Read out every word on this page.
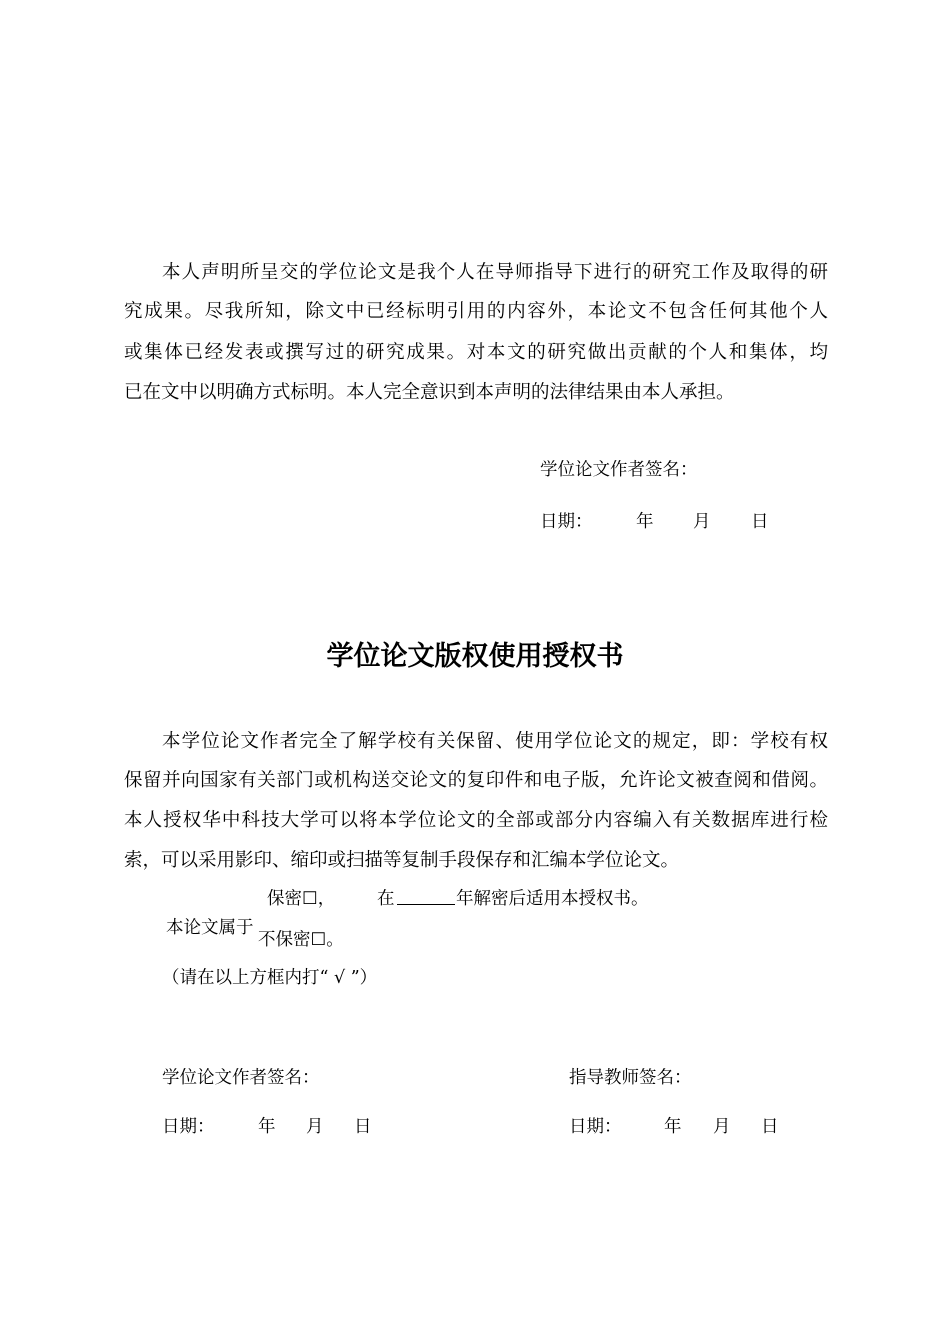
本人声明所呈交的学位论文是我个人在导师指导下进行的研究工作及取得的研
究成果。尽我所知，除文中已经标明引用的内容外，本论文不包含任何其他个人
或集体已经发表或撰写过的研究成果。对本文的研究做出贡献的个人和集体，均
已在文中以明确方式标明。本人完全意识到本声明的法律结果由本人承担。
学位论文作者签名：
日期： 年 月 日
学位论文版权使用授权书
本学位论文作者完全了解学校有关保留、使用学位论文的规定，即：学校有权
保留并向国家有关部门或机构送交论文的复印件和电子版，允许论文被查阅和借阅。
本人授权华中科技大学可以将本学位论文的全部或部分内容编入有关数据库进行检
索，可以采用影印、缩印或扫描等复制手段保存和汇编本学位论文。
保密☐， 在	年解密后适用本授权书。
本论文属于
不保密☐。
（请在以上方框内打“ √ ”）
学位论文作者签名：	指导教师签名：
日期： 年 月 日	日期： 年 月 日
